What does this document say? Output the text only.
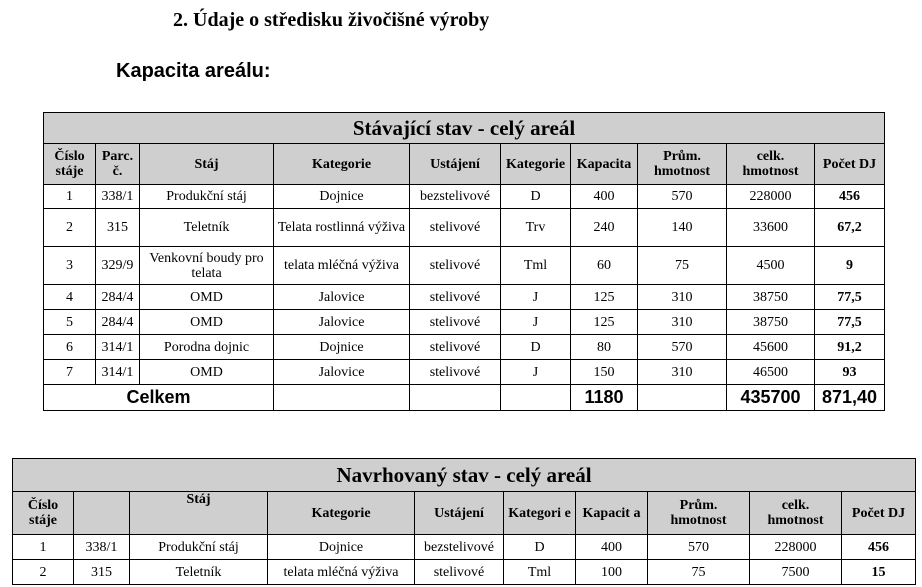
2. Údaje o středisku živočišné výroby
Kapacita areálu:
Stávající stav - celý areál									
Číslo stáje	Parc. č.	Stáj	Kategorie	Ustájení	Kategorie	Kapacita	Prům. hmotnost	celk. hmotnost	Počet DJ
1	338/1	Produkční stáj	Dojnice	bezstelivové	D	400	570	228000	456
2	315	Teletník	Telata rostlinná výživa	stelivové	Trv	240	140	33600	67,2
3	329/9	Venkovní boudy pro telata	telata mléčná výživa	stelivové	Tml	60	75	4500	9
4	284/4	OMD	Jalovice	stelivové	J	125	310	38750	77,5
5	284/4	OMD	Jalovice	stelivové	J	125	310	38750	77,5
6	314/1	Porodna dojnic	Dojnice	stelivové	D	80	570	45600	91,2
7	314/1	OMD	Jalovice	stelivové	J	150	310	46500	93
Celkem						1180		435700	871,40
Navrhovaný stav - celý areál									
Číslo stáje		Stáj	Kategorie	Ustájení	Kategori e	Kapacit a	Prům. hmotnost	celk. hmotnost	Počet DJ
1	338/1	Produkční stáj	Dojnice	bezstelivové	D	400	570	228000	456
2	315	Teletník	telata mléčná výživa	stelivové	Tml	100	75	7500	15
